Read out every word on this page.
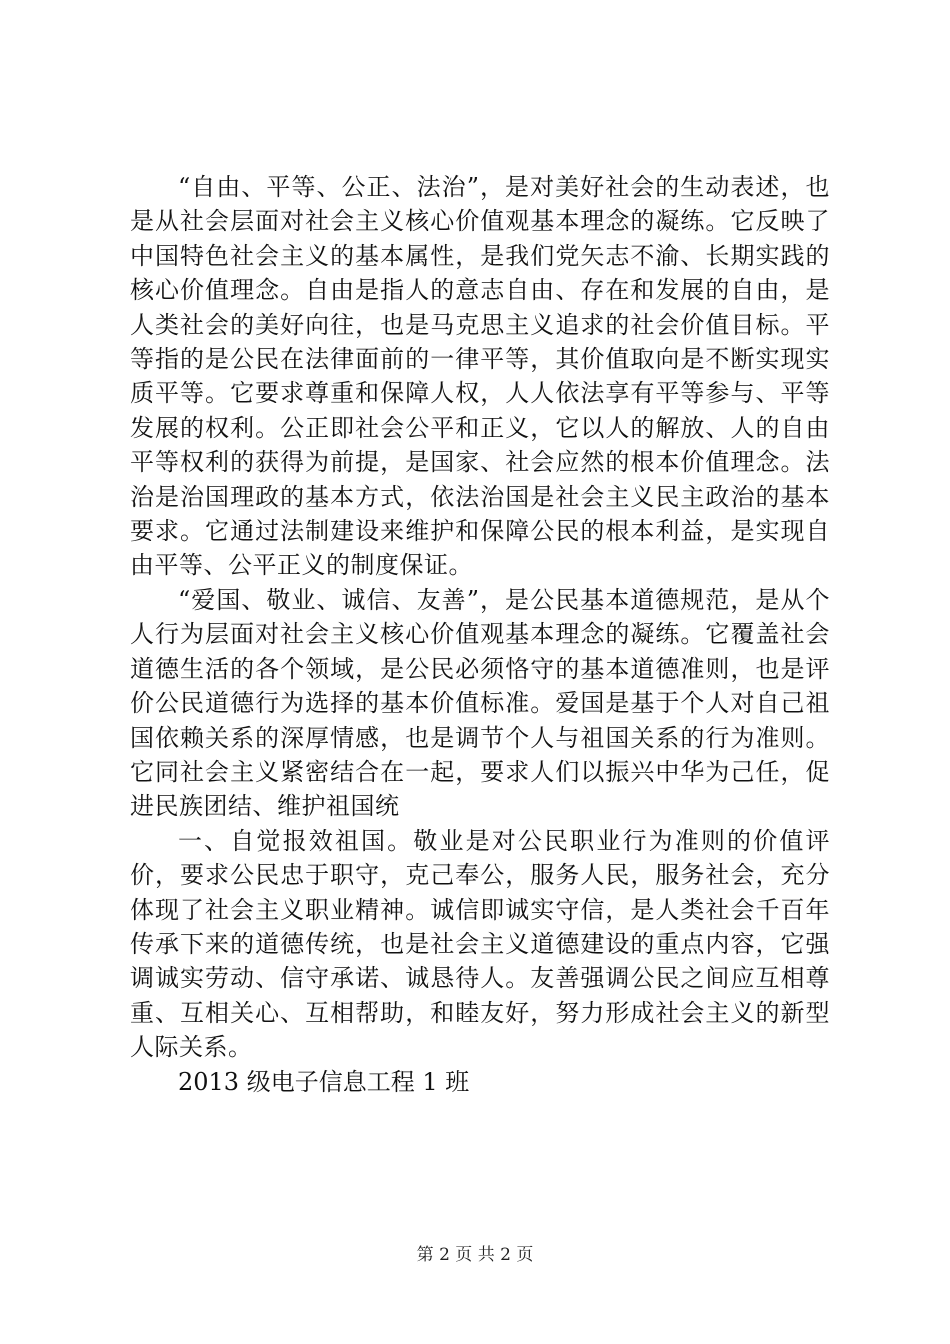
“自由、平等、公正、法治”，是对美好社会的生动表述，也是从社会层面对社会主义核心价值观基本理念的凝练。它反映了中国特色社会主义的基本属性，是我们党矢志不渝、长期实践的核心价值理念。自由是指人的意志自由、存在和发展的自由，是人类社会的美好向往，也是马克思主义追求的社会价值目标。平等指的是公民在法律面前的一律平等，其价值取向是不断实现实质平等。它要求尊重和保障人权，人人依法享有平等参与、平等发展的权利。公正即社会公平和正义，它以人的解放、人的自由平等权利的获得为前提，是国家、社会应然的根本价值理念。法治是治国理政的基本方式，依法治国是社会主义民主政治的基本要求。它通过法制建设来维护和保障公民的根本利益，是实现自由平等、公平正义的制度保证。

“爱国、敬业、诚信、友善”，是公民基本道德规范，是从个人行为层面对社会主义核心价值观基本理念的凝练。它覆盖社会道德生活的各个领域，是公民必须恪守的基本道德准则，也是评价公民道德行为选择的基本价值标准。爱国是基于个人对自己祖国依赖关系的深厚情感，也是调节个人与祖国关系的行为准则。它同社会主义紧密结合在一起，要求人们以振兴中华为己任，促进民族团结、维护祖国统

一、自觉报效祖国。敬业是对公民职业行为准则的价值评价，要求公民忠于职守，克己奉公，服务人民，服务社会，充分体现了社会主义职业精神。诚信即诚实守信，是人类社会千百年传承下来的道德传统，也是社会主义道德建设的重点内容，它强调诚实劳动、信守承诺、诚恳待人。友善强调公民之间应互相尊重、互相关心、互相帮助，和睦友好，努力形成社会主义的新型人际关系。

2013 级电子信息工程 1 班

第 2 页 共 2 页
